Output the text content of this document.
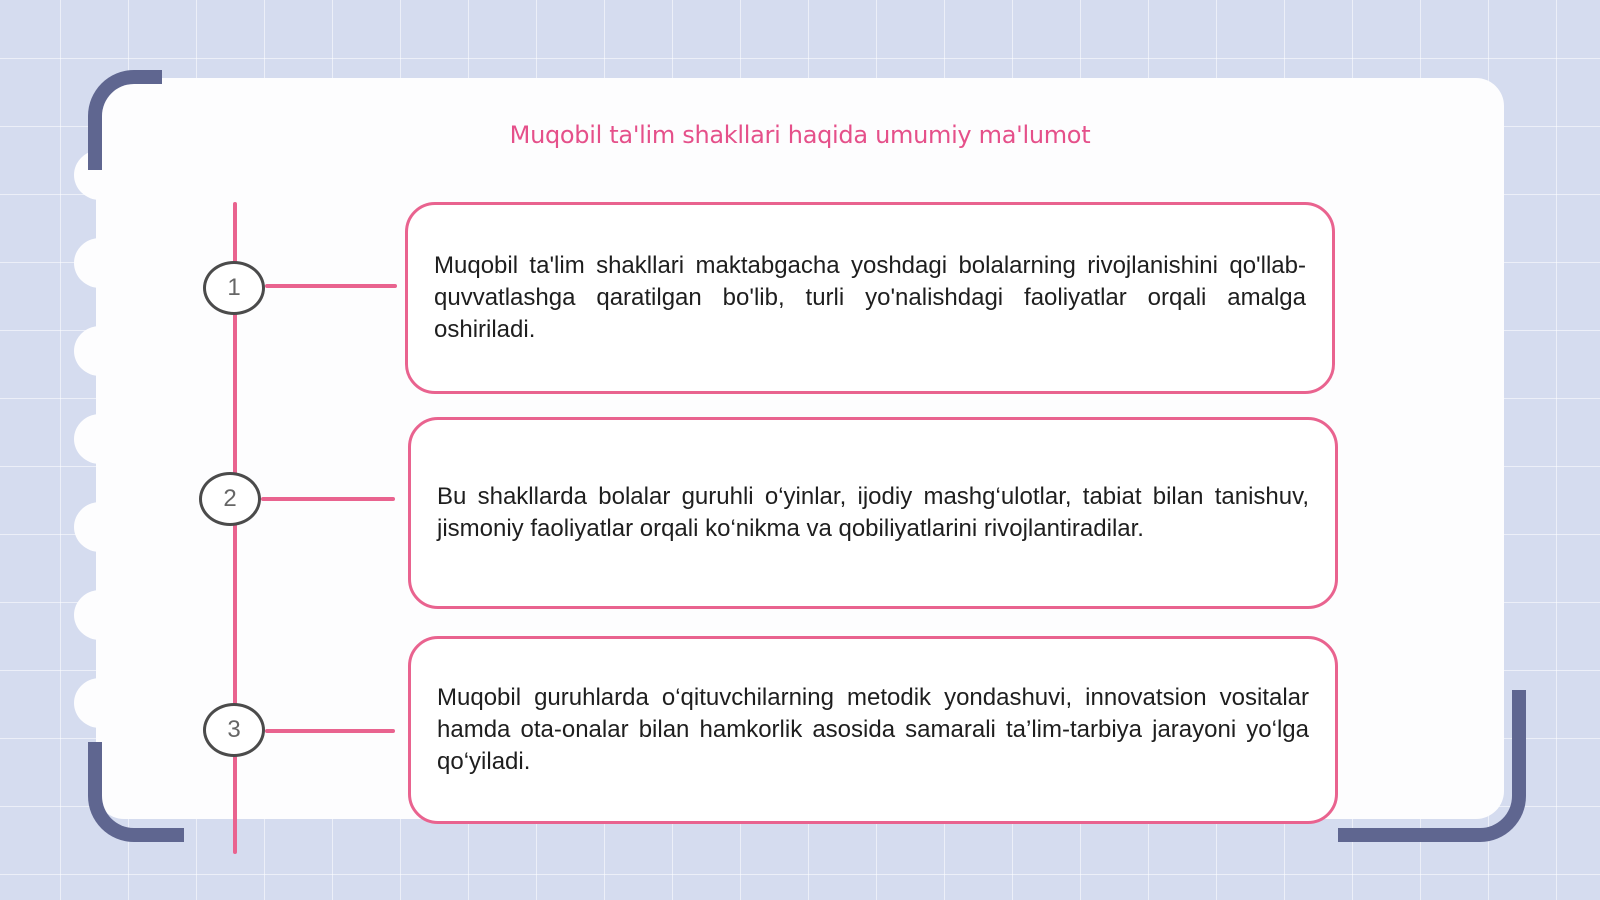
Muqobil ta'lim shakllari haqida umumiy ma'lumot
1
2
3

Muqobil ta'lim shakllari maktabgacha yoshdagi bolalarning rivojlanishini qo'llab-quvvatlashga qaratilgan bo'lib, turli yo'nalishdagi faoliyatlar orqali amalga oshiriladi.

Bu shakllarda bolalar guruhli o‘yinlar, ijodiy mashg‘ulotlar, tabiat bilan tanishuv, jismoniy faoliyatlar orqali ko‘nikma va qobiliyatlarini rivojlantiradilar.

Muqobil guruhlarda o‘qituvchilarning metodik yondashuvi, innovatsion vositalar hamda ota-onalar bilan hamkorlik asosida samarali ta’lim-tarbiya jarayoni yo‘lga qo‘yiladi.
